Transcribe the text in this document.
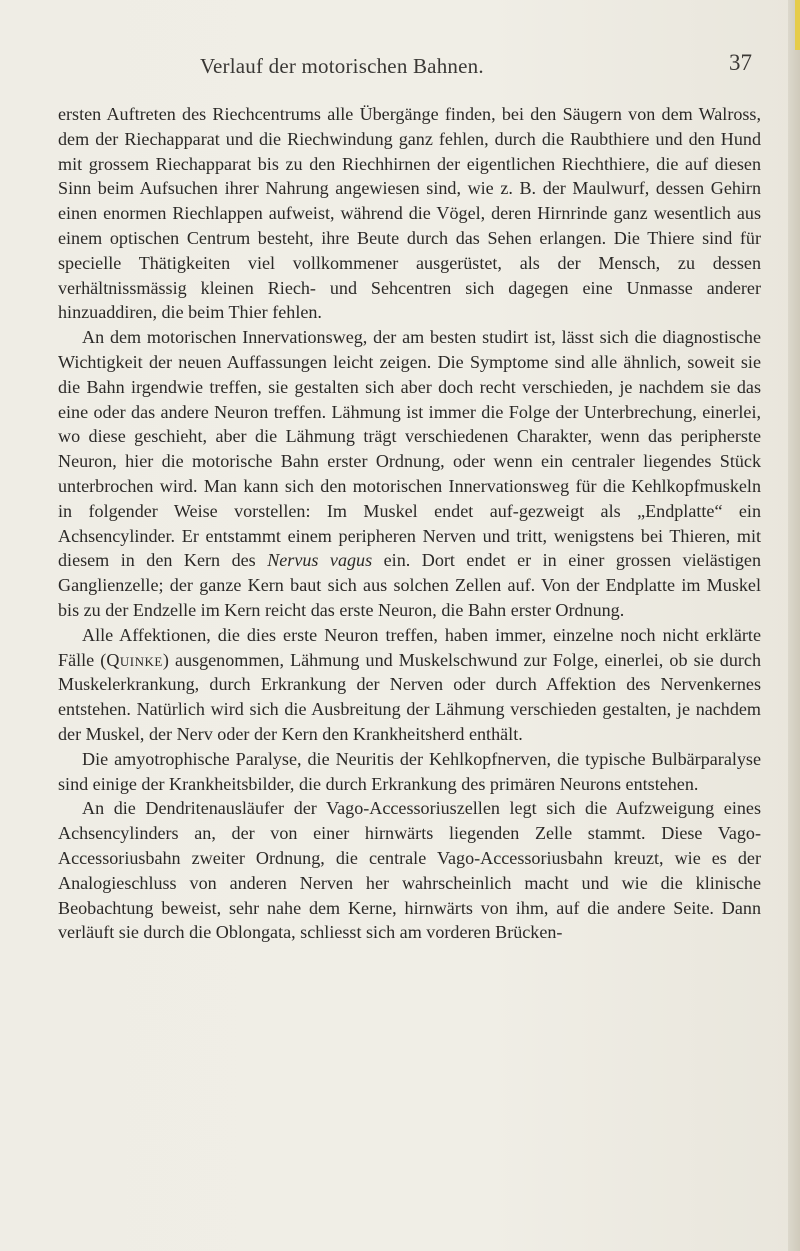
Verlauf der motorischen Bahnen.	37

ersten Auftreten des Riechcentrums alle Übergänge finden, bei den Säugern von dem Walross, dem der Riechapparat und die Riechwindung ganz fehlen, durch die Raubthiere und den Hund mit grossem Riechapparat bis zu den Riechhirnen der eigentlichen Riechthiere, die auf diesen Sinn beim Aufsuchen ihrer Nahrung angewiesen sind, wie z. B. der Maulwurf, dessen Gehirn einen enormen Riechlappen aufweist, während die Vögel, deren Hirnrinde ganz wesentlich aus einem optischen Centrum besteht, ihre Beute durch das Sehen erlangen. Die Thiere sind für specielle Thätigkeiten viel vollkommener ausgerüstet, als der Mensch, zu dessen verhältnissmässig kleinen Riech- und Sehcentren sich dagegen eine Unmasse anderer hinzuaddiren, die beim Thier fehlen.

An dem motorischen Innervationsweg, der am besten studirt ist, lässt sich die diagnostische Wichtigkeit der neuen Auffassungen leicht zeigen. Die Symptome sind alle ähnlich, soweit sie die Bahn irgendwie treffen, sie gestalten sich aber doch recht verschieden, je nachdem sie das eine oder das andere Neuron treffen. Lähmung ist immer die Folge der Unterbrechung, einerlei, wo diese geschieht, aber die Lähmung trägt verschiedenen Charakter, wenn das peripherste Neuron, hier die motorische Bahn erster Ordnung, oder wenn ein centraler liegendes Stück unterbrochen wird. Man kann sich den motorischen Innervationsweg für die Kehlkopfmuskeln in folgender Weise vorstellen: Im Muskel endet auf-gezweigt als „Endplatte“ ein Achsencylinder. Er entstammt einem peripheren Nerven und tritt, wenigstens bei Thieren, mit diesem in den Kern des Nervus vagus ein. Dort endet er in einer grossen vielästigen Ganglienzelle; der ganze Kern baut sich aus solchen Zellen auf. Von der Endplatte im Muskel bis zu der Endzelle im Kern reicht das erste Neuron, die Bahn erster Ordnung.

Alle Affektionen, die dies erste Neuron treffen, haben immer, einzelne noch nicht erklärte Fälle (Quinke) ausgenommen, Lähmung und Muskelschwund zur Folge, einerlei, ob sie durch Muskelerkrankung, durch Erkrankung der Nerven oder durch Affektion des Nervenkernes entstehen. Natürlich wird sich die Ausbreitung der Lähmung verschieden gestalten, je nachdem der Muskel, der Nerv oder der Kern den Krankheitsherd enthält.

Die amyotrophische Paralyse, die Neuritis der Kehlkopfnerven, die typische Bulbärparalyse sind einige der Krankheitsbilder, die durch Erkrankung des primären Neurons entstehen.

An die Dendritenausläufer der Vago-Accessoriuszellen legt sich die Aufzweigung eines Achsencylinders an, der von einer hirnwärts liegenden Zelle stammt. Diese Vago-Accessoriusbahn zweiter Ordnung, die centrale Vago-Accessoriusbahn kreuzt, wie es der Analogieschluss von anderen Nerven her wahrscheinlich macht und wie die klinische Beobachtung beweist, sehr nahe dem Kerne, hirnwärts von ihm, auf die andere Seite. Dann verläuft sie durch die Oblongata, schliesst sich am vorderen Brücken-
